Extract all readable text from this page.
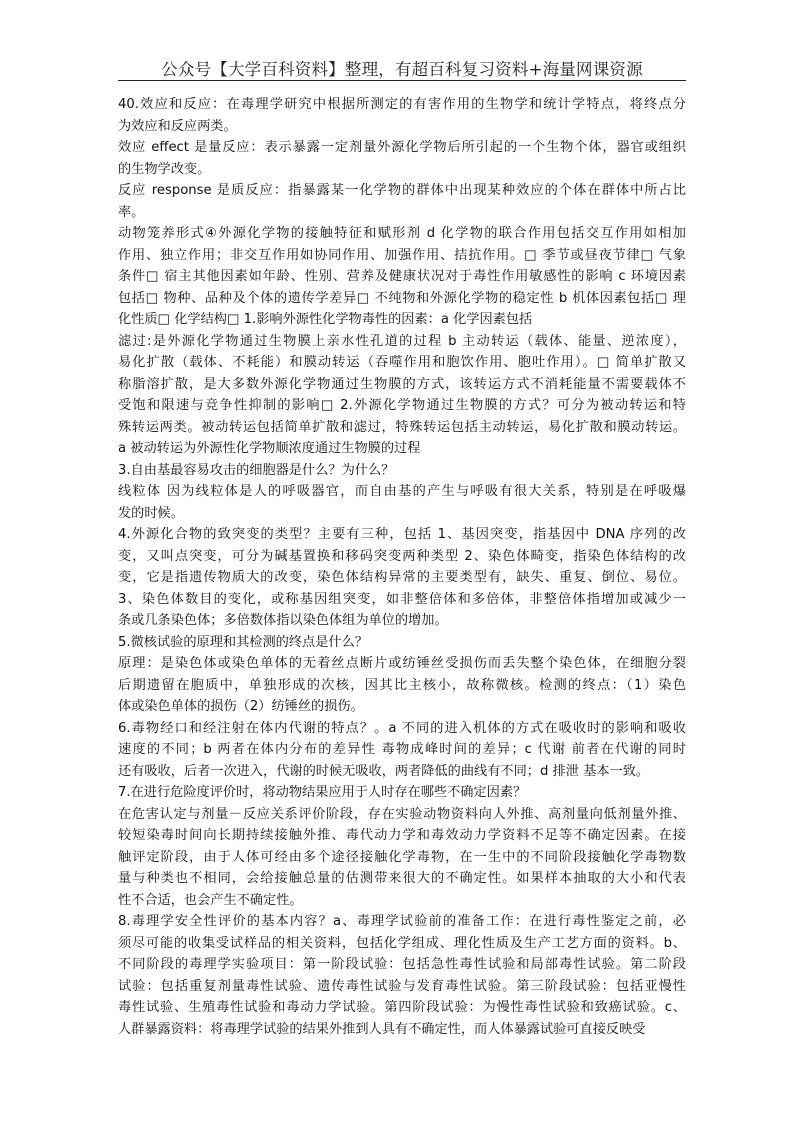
公众号【大学百科资料】整理，有超百科复习资料+海量网课资源
40.效应和反应：在毒理学研究中根据所测定的有害作用的生物学和统计学特点，将终点分
为效应和反应两类。
效应 effect 是量反应：表示暴露一定剂量外源化学物后所引起的一个生物个体，器官或组织
的生物学改变。
反应 response 是质反应：指暴露某一化学物的群体中出现某种效应的个体在群体中所占比
率。
动物笼养形式④外源化学物的接触特征和赋形剂 d 化学物的联合作用包括交互作用如相加
作用、独立作用；非交互作用如协同作用、加强作用、拮抗作用。□ 季节或昼夜节律□ 气象
条件□ 宿主其他因素如年龄、性别、营养及健康状况对于毒性作用敏感性的影响 c 环境因素
包括□ 物种、品种及个体的遗传学差异□ 不纯物和外源化学物的稳定性 b 机体因素包括□ 理
化性质□ 化学结构□ 1.影响外源性化学物毒性的因素：a 化学因素包括
滤过:是外源化学物通过生物膜上亲水性孔道的过程 b 主动转运（载体、能量、逆浓度），
易化扩散（载体、不耗能）和膜动转运（吞噬作用和胞饮作用、胞吐作用）。□ 简单扩散又
称脂溶扩散，是大多数外源化学物通过生物膜的方式，该转运方式不消耗能量不需要载体不
受饱和限速与竞争性抑制的影响□ 2.外源化学物通过生物膜的方式？可分为被动转运和特
殊转运两类。被动转运包括简单扩散和滤过，特殊转运包括主动转运，易化扩散和膜动转运。
a 被动转运为外源性化学物顺浓度通过生物膜的过程
3.自由基最容易攻击的细胞器是什么？为什么？
线粒体 因为线粒体是人的呼吸器官，而自由基的产生与呼吸有很大关系，特别是在呼吸爆
发的时候。
4.外源化合物的致突变的类型？主要有三种，包括 1、基因突变，指基因中 DNA 序列的改
变，又叫点突变，可分为碱基置换和移码突变两种类型 2、染色体畸变，指染色体结构的改
变，它是指遗传物质大的改变，染色体结构异常的主要类型有，缺失、重复、倒位、易位。
3、染色体数目的变化，或称基因组突变，如非整倍体和多倍体，非整倍体指增加或减少一
条或几条染色体；多倍数体指以染色体组为单位的增加。
5.微核试验的原理和其检测的终点是什么？
原理：是染色体或染色单体的无着丝点断片或纺锤丝受损伤而丢失整个染色体，在细胞分裂
后期遗留在胞质中，单独形成的次核，因其比主核小，故称微核。检测的终点：（1）染色
体或染色单体的损伤（2）纺锤丝的损伤。
6.毒物经口和经注射在体内代谢的特点？。a 不同的进入机体的方式在吸收时的影响和吸收
速度的不同；b 两者在体内分布的差异性 毒物成峰时间的差异；c 代谢 前者在代谢的同时
还有吸收，后者一次进入，代谢的时候无吸收，两者降低的曲线有不同；d 排泄 基本一致。
7.在进行危险度评价时，将动物结果应用于人时存在哪些不确定因素？
在危害认定与剂量－反应关系评价阶段，存在实验动物资料向人外推、高剂量向低剂量外推、
较短染毒时间向长期持续接触外推、毒代动力学和毒效动力学资料不足等不确定因素。在接
触评定阶段，由于人体可经由多个途径接触化学毒物，在一生中的不同阶段接触化学毒物数
量与种类也不相同，会给接触总量的估测带来很大的不确定性。如果样本抽取的大小和代表
性不合适，也会产生不确定性。
8.毒理学安全性评价的基本内容？a、毒理学试验前的准备工作：在进行毒性鉴定之前，必
须尽可能的收集受试样品的相关资料，包括化学组成、理化性质及生产工艺方面的资料。b、
不同阶段的毒理学实验项目：第一阶段试验：包括急性毒性试验和局部毒性试验。第二阶段
试验：包括重复剂量毒性试验、遗传毒性试验与发育毒性试验。第三阶段试验：包括亚慢性
毒性试验、生殖毒性试验和毒动力学试验。第四阶段试验：为慢性毒性试验和致癌试验。c、
人群暴露资料：将毒理学试验的结果外推到人具有不确定性，而人体暴露试验可直接反映受
